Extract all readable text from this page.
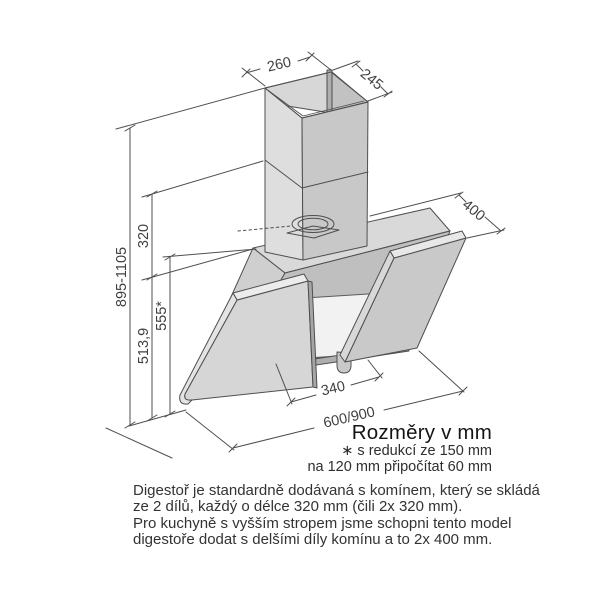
260
245
400
895-1105
320
513,9
555*
340
600/900
Rozměry v mm
∗ s redukcí ze 150 mm
na 120 mm připočítat 60 mm
Digestoř je standardně dodávaná s komínem, který se skládá
ze 2 dílů, každý o délce 320 mm (čili 2x 320 mm).
Pro kuchyně s vyšším stropem jsme schopni tento model
digestoře dodat s delšími díly komínu a to 2x 400 mm.
